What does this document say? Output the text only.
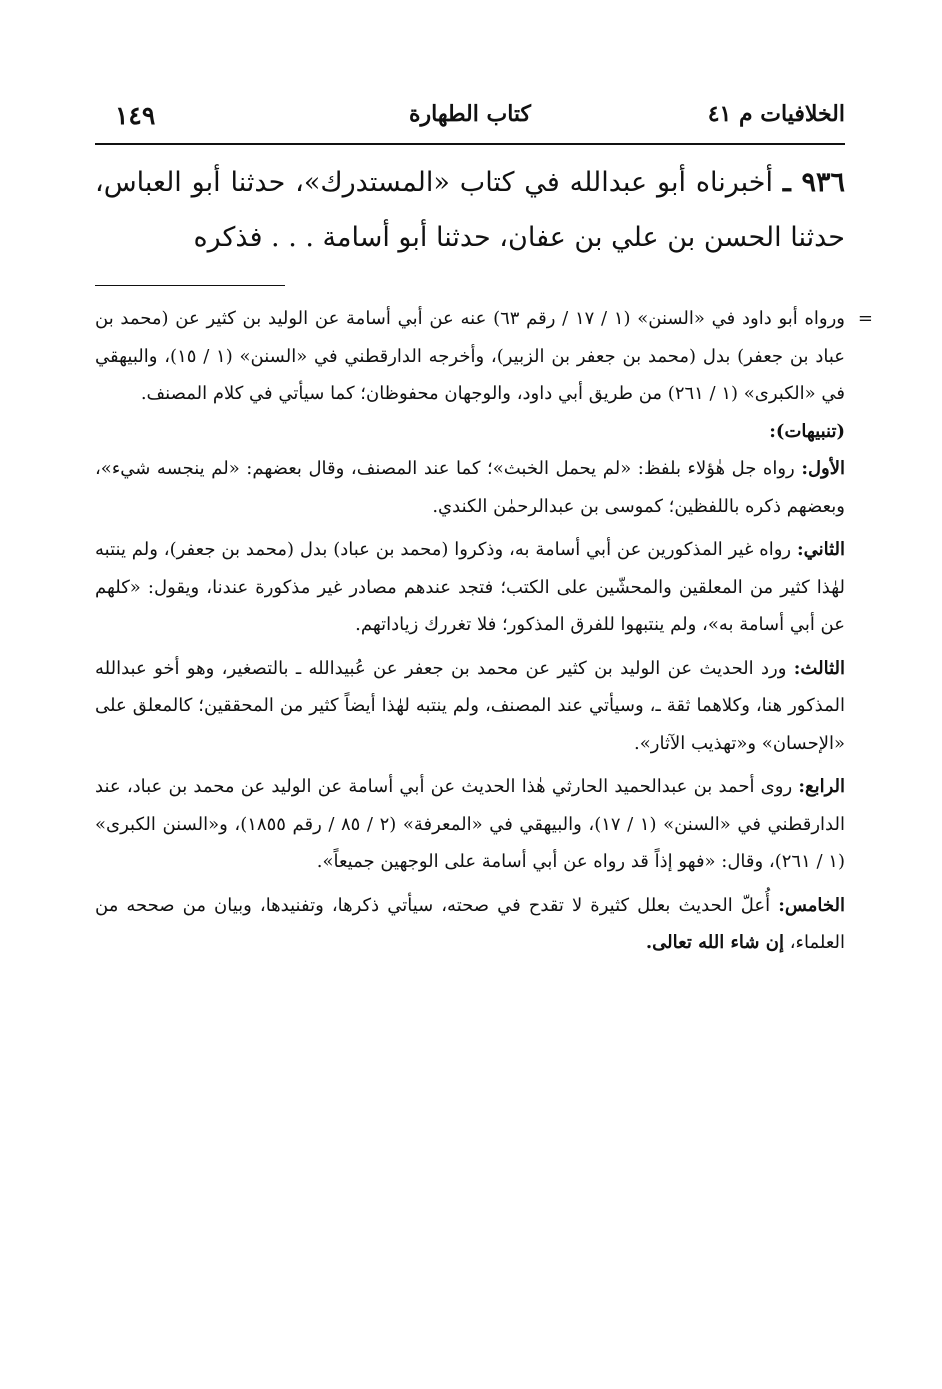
الخلافيات م ٤١
كتاب الطهارة
١٤٩
٩٣٦ ـ أخبرناه أبو عبدالله في كتاب «المستدرك»، حدثنا أبو العباس، حدثنا الحسن بن علي بن عفان، حدثنا أبو أسامة . . . فذكره

=
ورواه أبو داود في «السنن» (١ / ١٧ / رقم ٦٣) عنه عن أبي أسامة عن الوليد بن كثير عن (محمد بن عباد بن جعفر) بدل (محمد بن جعفر بن الزبير)، وأخرجه الدارقطني في «السنن» (١ / ١٥)، والبيهقي في «الكبرى» (١ / ٢٦١) من طريق أبي داود، والوجهان محفوظان؛ كما سيأتي في كلام المصنف.

(تنبيهات):

الأول: رواه جل هٰؤلاء بلفظ: «لم يحمل الخبث»؛ كما عند المصنف، وقال بعضهم: «لم ينجسه شيء»، وبعضهم ذكره باللفظين؛ كموسى بن عبدالرحمٰن الكندي.

الثاني: رواه غير المذكورين عن أبي أسامة به، وذكروا (محمد بن عباد) بدل (محمد بن جعفر)، ولم ينتبه لهٰذا كثير من المعلقين والمحشّين على الكتب؛ فتجد عندهم مصادر غير مذكورة عندنا، ويقول: «كلهم عن أبي أسامة به»، ولم ينتبهوا للفرق المذكور؛ فلا تغررك زياداتهم.

الثالث: ورد الحديث عن الوليد بن كثير عن محمد بن جعفر عن عُبيدالله ـ بالتصغير، وهو أخو عبدالله المذكور هنا، وكلاهما ثقة ـ، وسيأتي عند المصنف، ولم ينتبه لهٰذا أيضاً كثير من المحققين؛ كالمعلق على «الإحسان» و«تهذيب الآثار».

الرابع: روى أحمد بن عبدالحميد الحارثي هٰذا الحديث عن أبي أسامة عن الوليد عن محمد بن عباد، عند الدارقطني في «السنن» (١ / ١٧)، والبيهقي في «المعرفة» (٢ / ٨٥ / رقم ١٨٥٥)، و«السنن الكبرى» (١ / ٢٦١)، وقال: «فهو إذاً قد رواه عن أبي أسامة على الوجهين جميعاً».

الخامس: أُعلّ الحديث بعلل كثيرة لا تقدح في صحته، سيأتي ذكرها، وتفنيدها، وبيان من صححه من العلماء، إن شاء الله تعالى.
